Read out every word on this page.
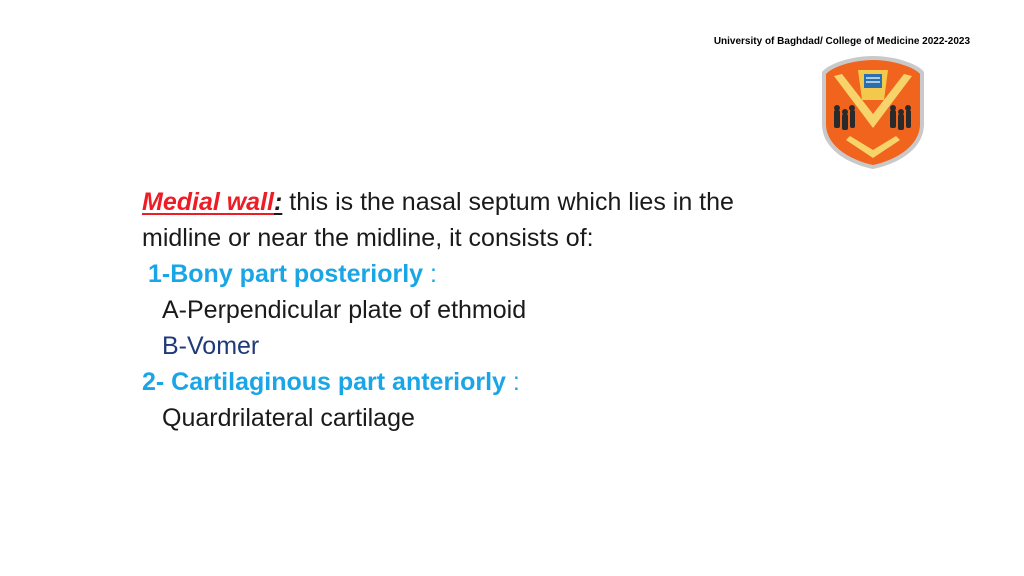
University of Baghdad/ College of Medicine 2022-2023
Medial wall: this is the nasal septum which lies in the
midline or near the midline, it consists of:
1-Bony part posteriorly :
A-Perpendicular plate of ethmoid
B-Vomer
2- Cartilaginous part anteriorly :
Quardrilateral cartilage
